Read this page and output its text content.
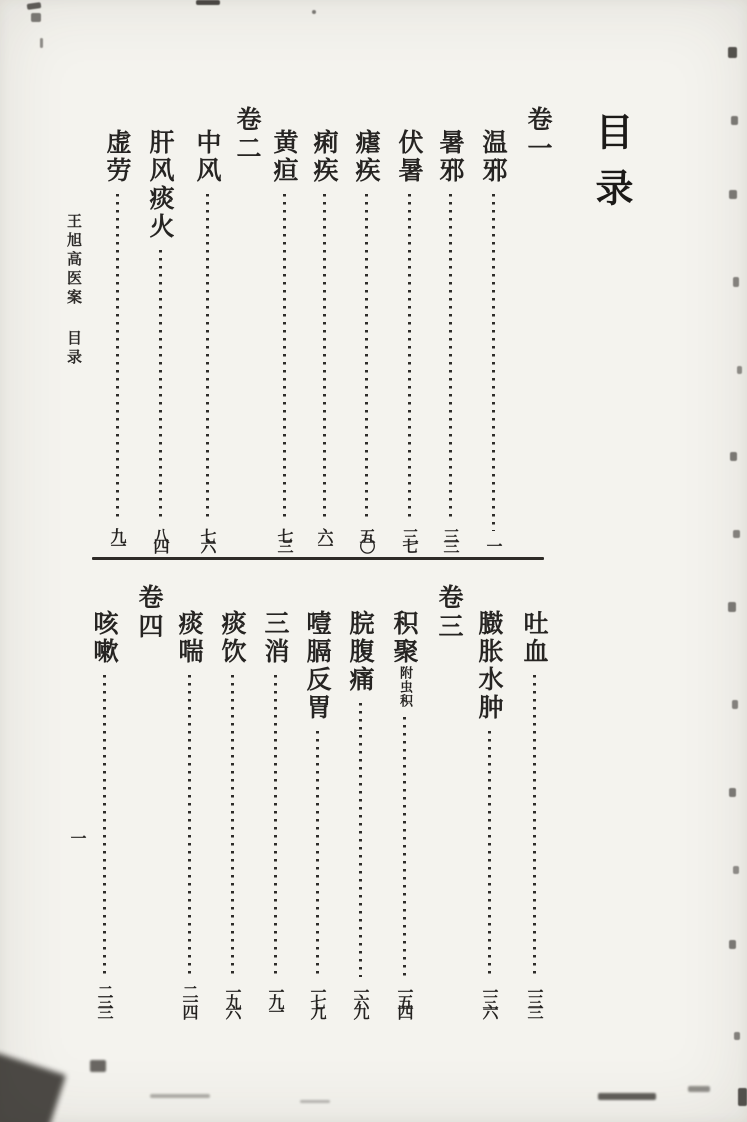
目录
卷一
温邪
一
暑邪
三三
伏暑
三七
瘧疾
五〇
痢疾
六一
黄疸
七三
卷二
中风
七六
肝风痰火
八四
虚劳
九一
吐血
一三三
臌胀水肿
一三六
卷三
积聚附虫积
一五四
脘腹痛
一六九
噎膈反胃
一七九
三消
一九一
痰饮
一九六
痰喘
二一四
卷四
咳嗽
二三三
王旭高医案
目录
一
